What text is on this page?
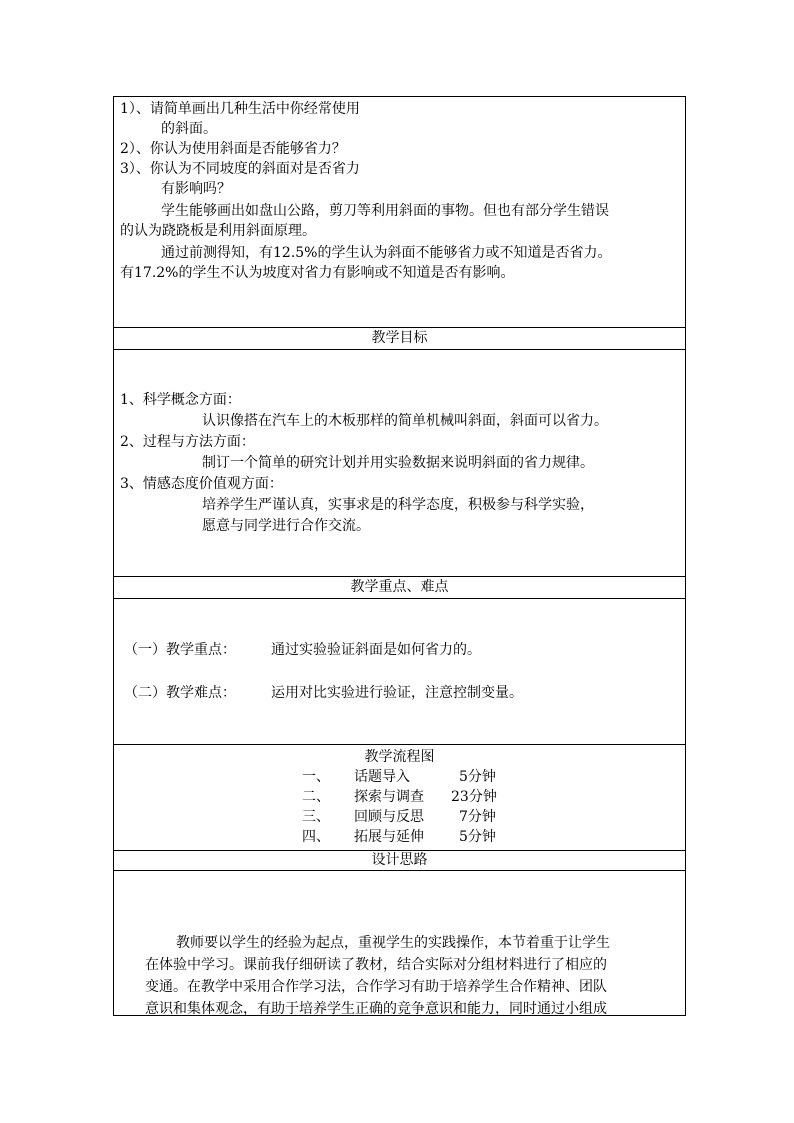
1）、请简单画出几种生活中你经常使用
的斜面。
2）、你认为使用斜面是否能够省力？
3）、你认为不同坡度的斜面对是否省力
有影响吗？
学生能够画出如盘山公路，剪刀等利用斜面的事物。但也有部分学生错误
的认为跷跷板是利用斜面原理。
通过前测得知，有12.5%的学生认为斜面不能够省力或不知道是否省力。
有17.2%的学生不认为坡度对省力有影响或不知道是否有影响。
教学目标
1、科学概念方面：
认识像搭在汽车上的木板那样的简单机械叫斜面，斜面可以省力。
2、过程与方法方面：
制订一个简单的研究计划并用实验数据来说明斜面的省力规律。
3、情感态度价值观方面：
培养学生严谨认真，实事求是的科学态度，积极参与科学实验，
愿意与同学进行合作交流。
教学重点、难点
（一）教学重点：	通过实验验证斜面是如何省力的。
（二）教学难点：	运用对比实验进行验证，注意控制变量。
教学流程图
一、 话题导入	5分钟
二、 探索与调查 23分钟
三、 回顾与反思	7分钟
四、 拓展与延伸	5分钟
设计思路
教师要以学生的经验为起点，重视学生的实践操作，本节着重于让学生
在体验中学习。课前我仔细研读了教材，结合实际对分组材料进行了相应的
变通。在教学中采用合作学习法，合作学习有助于培养学生合作精神、团队
意识和集体观念，有助于培养学生正确的竞争意识和能力，同时通过小组成
